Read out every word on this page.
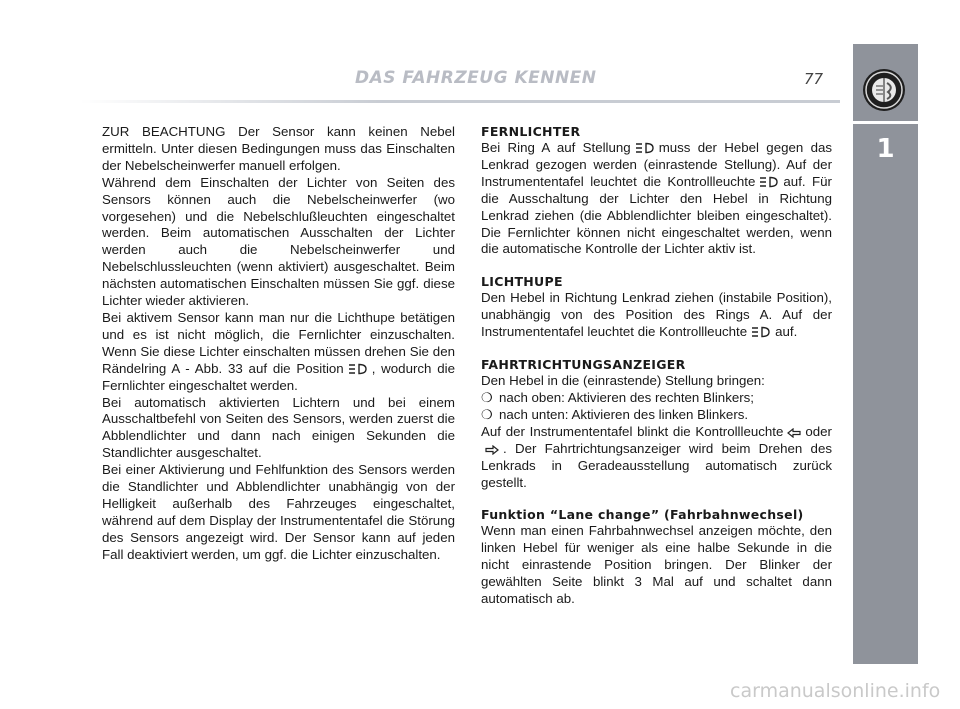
DAS FAHRZEUG KENNEN	77
1

ZUR BEACHTUNG Der Sensor kann keinen Nebel ermitteln. Unter diesen Bedingungen muss das Einschalten der Nebelscheinwerfer manuell erfolgen.

Während dem Einschalten der Lichter von Seiten des Sensors können auch die Nebelscheinwerfer (wo vorgesehen) und die Nebelschlußleuchten eingeschaltet werden. Beim automatischen Ausschalten der Lichter werden auch die Nebelscheinwerfer und Nebelschlussleuchten (wenn aktiviert) ausgeschaltet. Beim nächsten automatischen Einschalten müssen Sie ggf. diese Lichter wieder aktivieren.

Bei aktivem Sensor kann man nur die Lichthupe betätigen und es ist nicht möglich, die Fernlichter einzuschalten. Wenn Sie diese Lichter einschalten müssen drehen Sie den Rändelring A - Abb. 33 auf die Position , wodurch die Fernlichter eingeschaltet werden.

Bei automatisch aktivierten Lichtern und bei einem Ausschaltbefehl von Seiten des Sensors, werden zuerst die Abblendlichter und dann nach einigen Sekunden die Standlichter ausgeschaltet.

Bei einer Aktivierung und Fehlfunktion des Sensors werden die Standlichter und Abblendlichter unabhängig von der Helligkeit außerhalb des Fahrzeuges eingeschaltet, während auf dem Display der Instrumententafel die Störung des Sensors angezeigt wird. Der Sensor kann auf jeden Fall deaktiviert werden, um ggf. die Lichter einzuschalten.

FERNLICHTER

Bei Ring A auf Stellung muss der Hebel gegen das Lenkrad gezogen werden (einrastende Stellung). Auf der Instrumententafel leuchtet die Kontrollleuchte auf. Für die Ausschaltung der Lichter den Hebel in Richtung Lenkrad ziehen (die Abblendlichter bleiben eingeschaltet). Die Fernlichter können nicht eingeschaltet werden, wenn die automatische Kontrolle der Lichter aktiv ist.

LICHTHUPE

Den Hebel in Richtung Lenkrad ziehen (instabile Position), unabhängig von des Position des Rings A. Auf der Instrumententafel leuchtet die Kontrollleuchte auf.

FAHRTRICHTUNGSANZEIGER

Den Hebel in die (einrastende) Stellung bringen:

❍ nach oben: Aktivieren des rechten Blinkers;
❍ nach unten: Aktivieren des linken Blinkers.

Auf der Instrumententafel blinkt die Kontrollleuchte oder. Der Fahrtrichtungsanzeiger wird beim Drehen des Lenkrads in Geradeausstellung automatisch zurück gestellt.

Funktion “Lane change” (Fahrbahnwechsel)

Wenn man einen Fahrbahnwechsel anzeigen möchte, den linken Hebel für weniger als eine halbe Sekunde in die nicht einrastende Position bringen. Der Blinker der gewählten Seite blinkt 3 Mal auf und schaltet dann automatisch ab.

carmanualsonline.info
